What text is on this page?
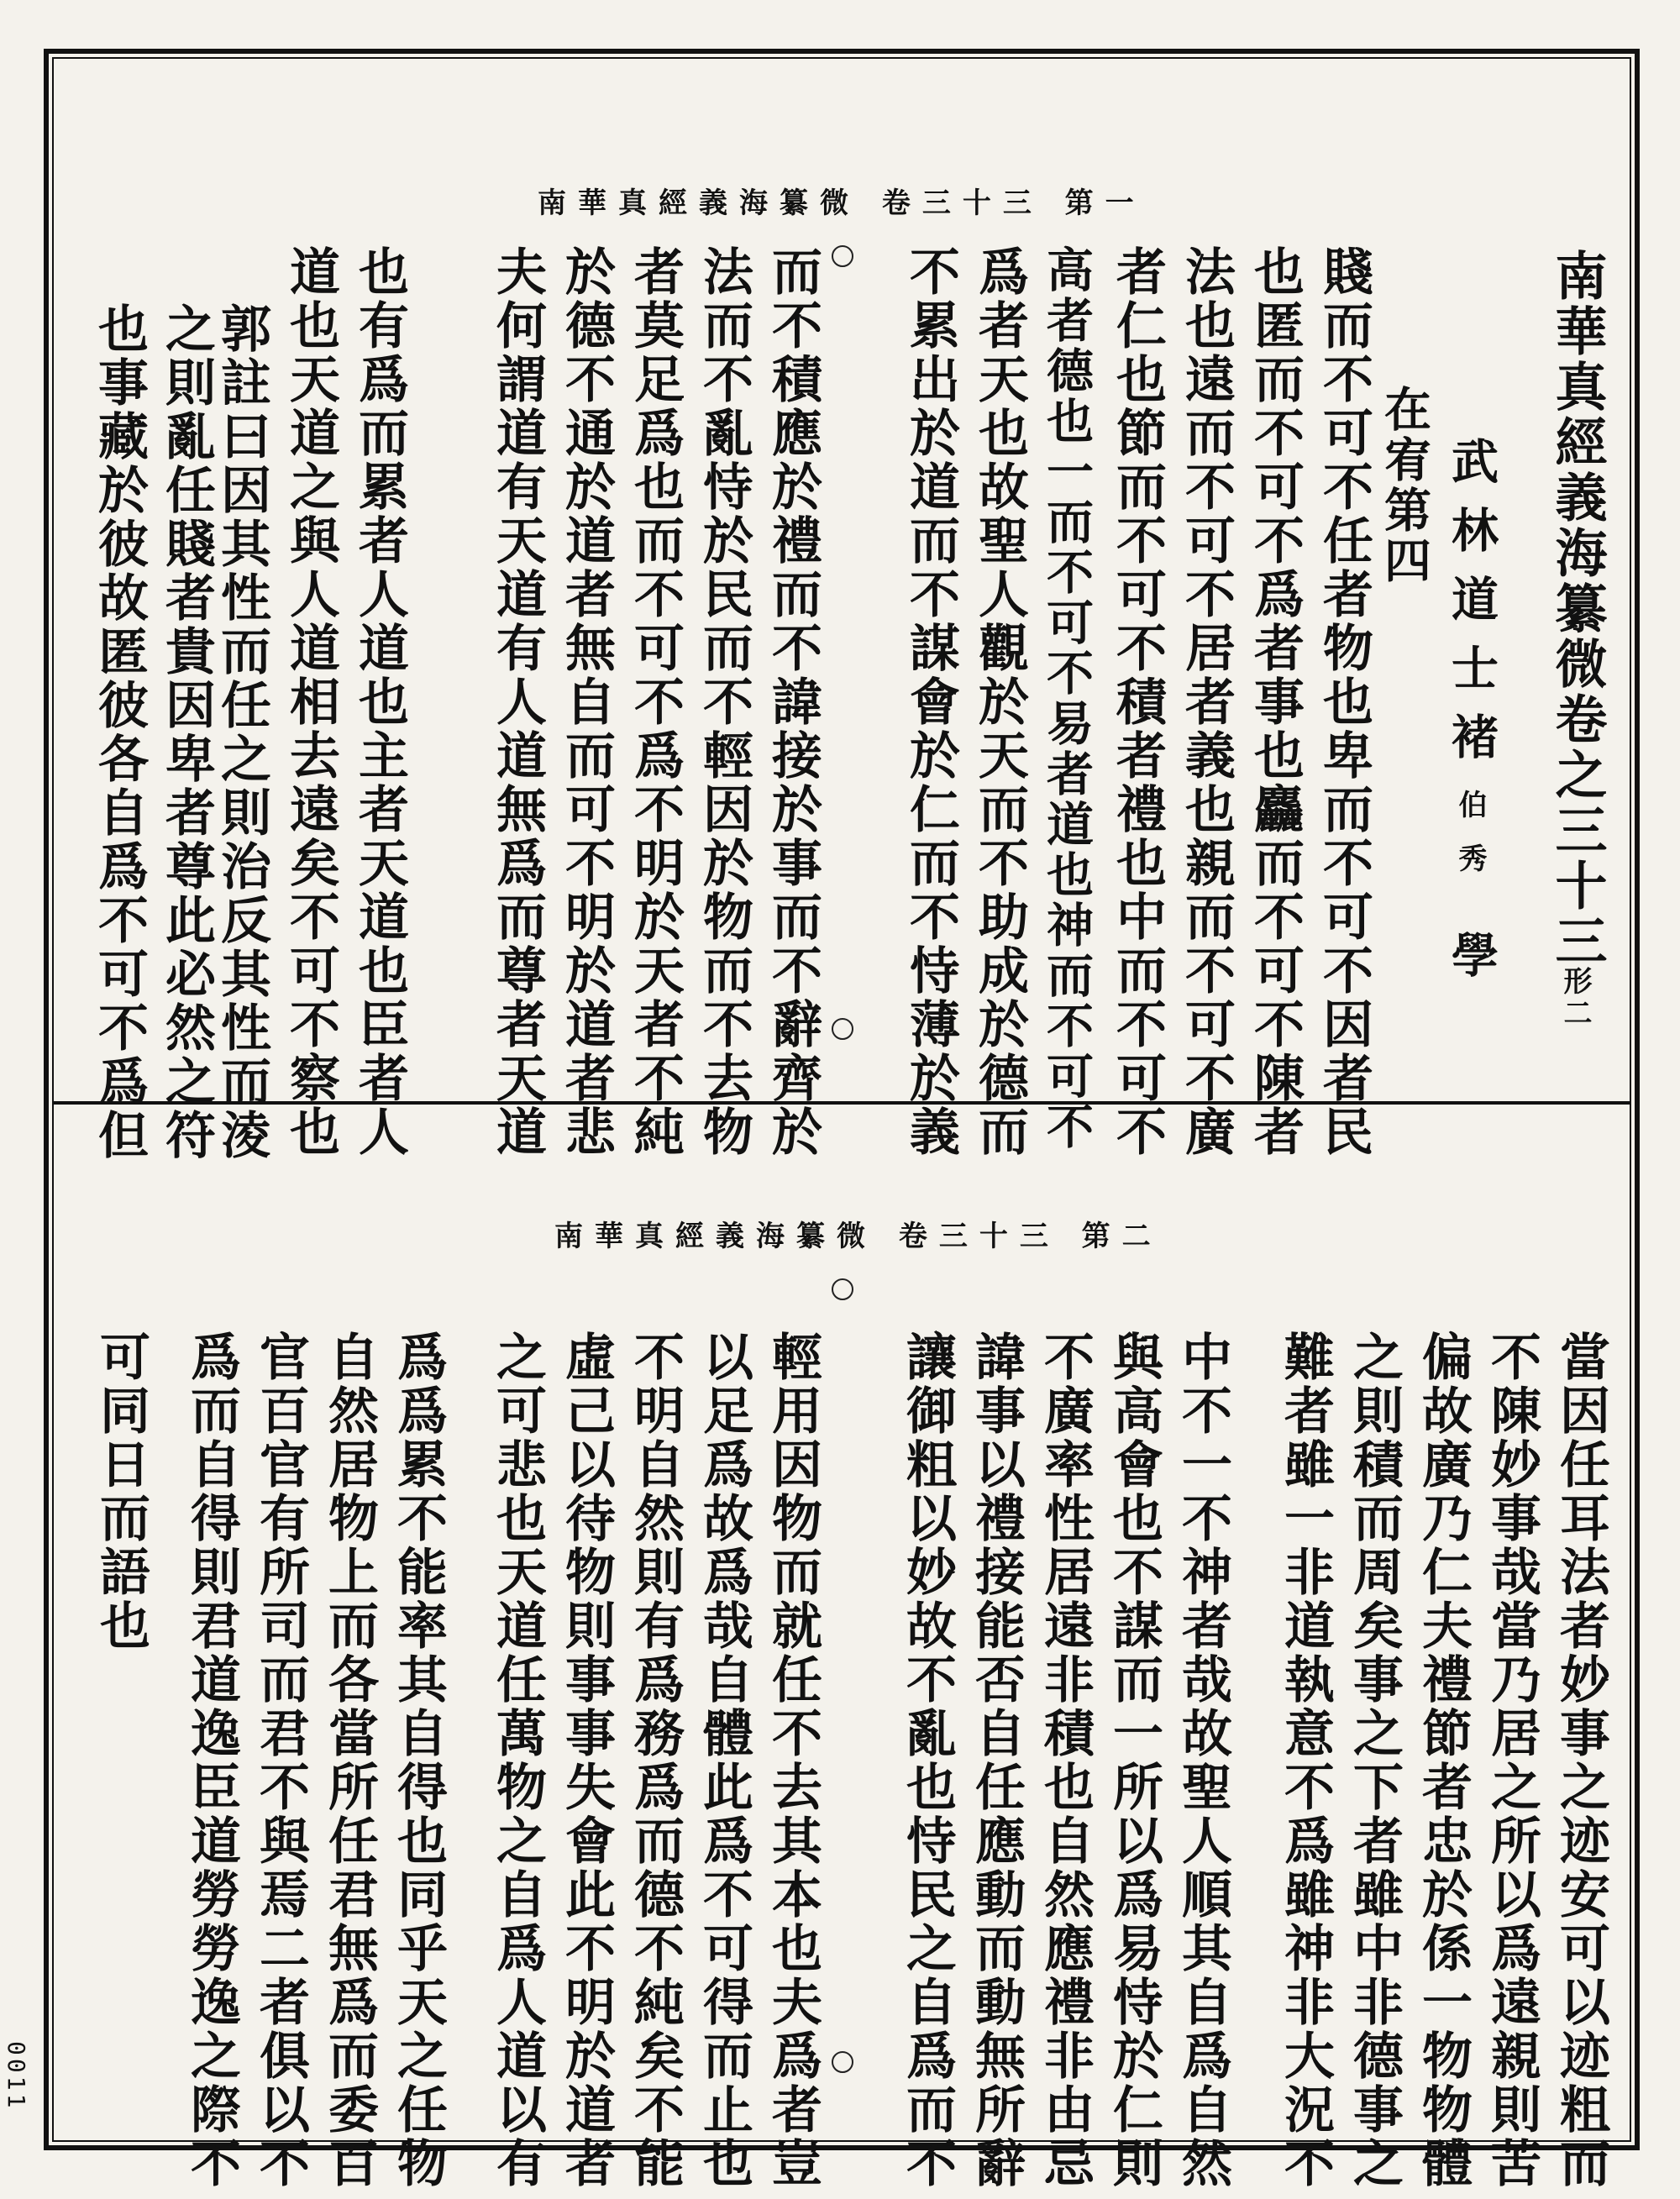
南華真經義海纂微 卷三十三 第一
南華真經義海纂微 卷三十三 第二
0011
南華真經義海纂微卷之三十三
形二
武林道士褚
伯秀
學
在宥第四
賤而不可不任者物也卑而不可不因者民
也匿而不可不爲者事也麤而不可不陳者
法也遠而不可不居者義也親而不可不廣
者仁也節而不可不積者禮也中而不可不
高者德也一而不可不易者道也神而不可不
爲者天也故聖人觀於天而不助成於德而
不累出於道而不謀會於仁而不恃薄於義
而不積應於禮而不諱接於事而不辭齊於
法而不亂恃於民而不輕因於物而不去物
者莫足爲也而不可不爲不明於天者不純
於德不通於道者無自而可不明於道者悲
夫何謂道有天道有人道無爲而尊者天道
也有爲而累者人道也主者天道也臣者人
道也天道之與人道相去遠矣不可不察也
郭註曰因其性而任之則治反其性而淩
之則亂任賤者貴因卑者尊此必然之符
也事藏於彼故匿彼各自爲不可不爲但
當因任耳法者妙事之迹安可以迹粗而
不陳妙事哉當乃居之所以爲遠親則苦
偏故廣乃仁夫禮節者忠於係一物物體
之則積而周矣事之下者雖中非德事之
難者雖一非道執意不爲雖神非大況不
中不一不神者哉故聖人順其自爲自然
與高會也不謀而一所以爲易恃於仁則
不廣率性居遠非積也自然應禮非由忌
諱事以禮接能否自任應動而動無所辭
讓御粗以妙故不亂也恃民之自爲而不
輕用因物而就任不去其本也夫爲者豈
以足爲故爲哉自體此爲不可得而止也
不明自然則有爲務爲而德不純矣不能
虛己以待物則事事失會此不明於道者
之可悲也天道任萬物之自爲人道以有
爲爲累不能率其自得也同乎天之任物
自然居物上而各當所任君無爲而委百
官百官有所司而君不與焉二者俱以不
爲而自得則君道逸臣道勞勞逸之際不
可同日而語也
